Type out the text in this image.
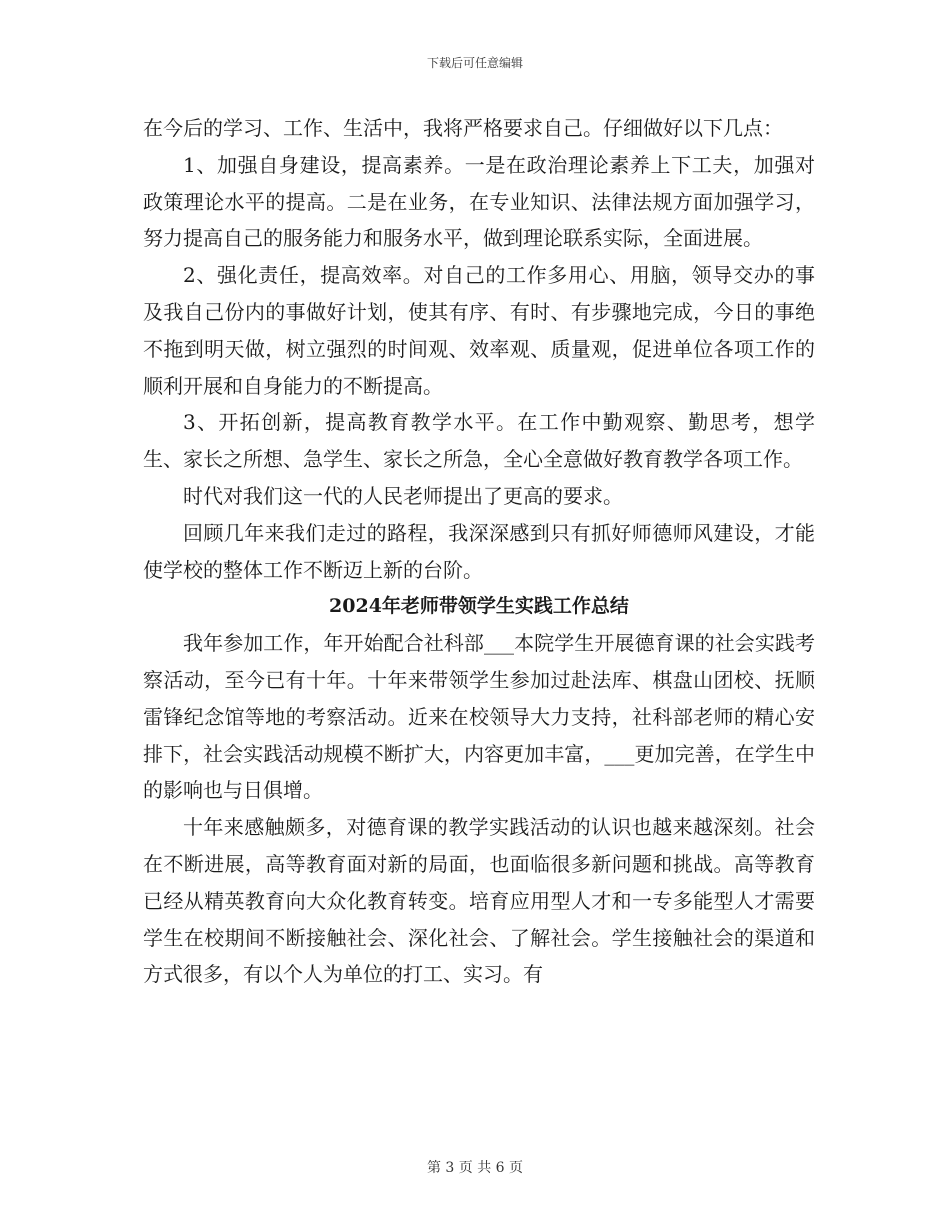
下载后可任意编辑

在今后的学习、工作、生活中，我将严格要求自己。仔细做好以下几点：

1、加强自身建设，提高素养。一是在政治理论素养上下工夫，加强对政策理论水平的提高。二是在业务，在专业知识、法律法规方面加强学习，努力提高自己的服务能力和服务水平，做到理论联系实际，全面进展。

2、强化责任，提高效率。对自己的工作多用心、用脑，领导交办的事及我自己份内的事做好计划，使其有序、有时、有步骤地完成，今日的事绝不拖到明天做，树立强烈的时间观、效率观、质量观，促进单位各项工作的顺利开展和自身能力的不断提高。

3、开拓创新，提高教育教学水平。在工作中勤观察、勤思考，想学生、家长之所想、急学生、家长之所急，全心全意做好教育教学各项工作。

时代对我们这一代的人民老师提出了更高的要求。

回顾几年来我们走过的路程，我深深感到只有抓好师德师风建设，才能使学校的整体工作不断迈上新的台阶。

2024年老师带领学生实践工作总结

我年参加工作，年开始配合社科部___本院学生开展德育课的社会实践考察活动，至今已有十年。十年来带领学生参加过赴法库、棋盘山团校、抚顺雷锋纪念馆等地的考察活动。近来在校领导大力支持，社科部老师的精心安排下，社会实践活动规模不断扩大，内容更加丰富，___更加完善，在学生中的影响也与日俱增。

十年来感触颇多，对德育课的教学实践活动的认识也越来越深刻。社会在不断进展，高等教育面对新的局面，也面临很多新问题和挑战。高等教育已经从精英教育向大众化教育转变。培育应用型人才和一专多能型人才需要学生在校期间不断接触社会、深化社会、了解社会。学生接触社会的渠道和方式很多，有以个人为单位的打工、实习。有

第 3 页 共 6 页
